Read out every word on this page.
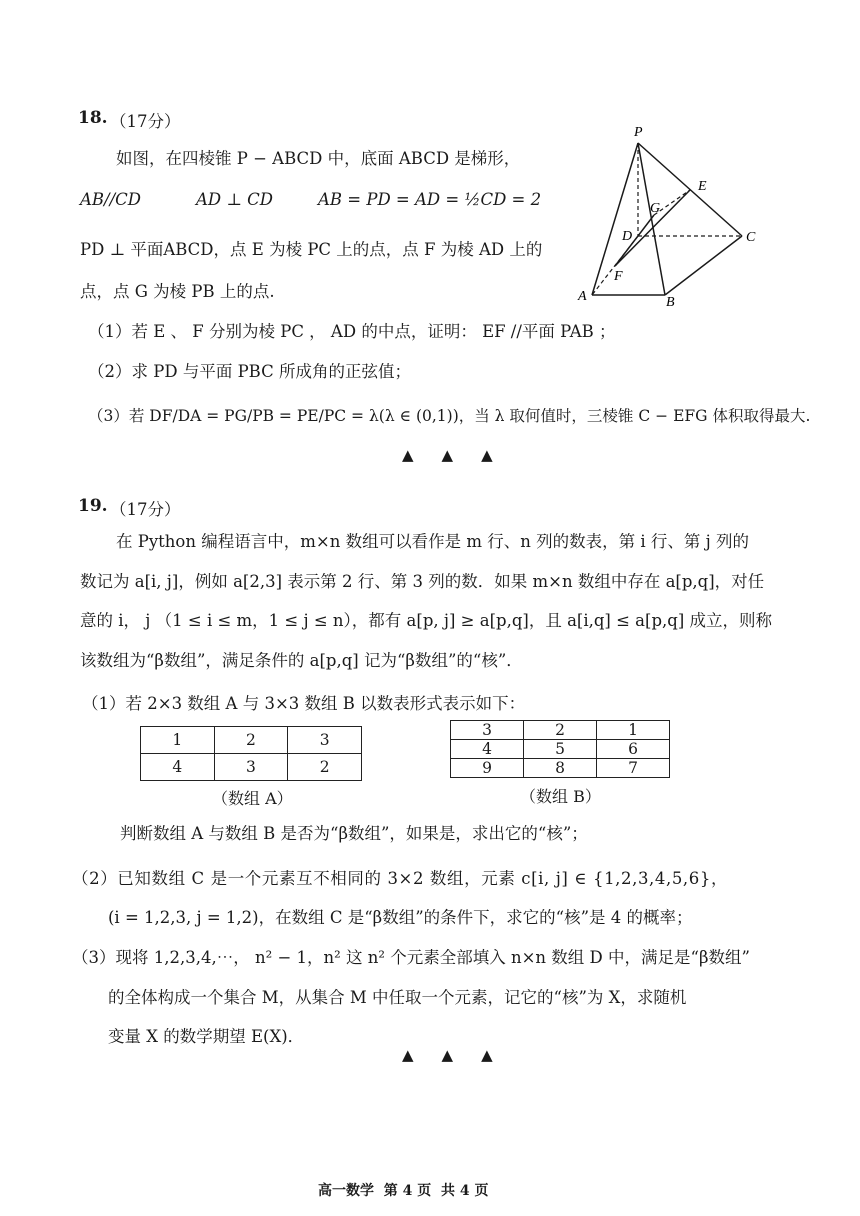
18. （17分）
如图，在四棱锥 P − ABCD 中，底面 ABCD 是梯形，
AB//CD	AD ⊥ CD	AB = PD = AD = ½CD = 2
PD ⊥ 平面ABCD，点 E 为棱 PC 上的点，点 F 为棱 AD 上的
点，点 G 为棱 PB 上的点.
P
E
G
D	C
F
A	B
（1）若 E 、 F 分别为棱 PC ， AD 的中点，证明： EF //平面 PAB ；
（2）求 PD 与平面 PBC 所成角的正弦值；
（3）若 DF/DA = PG/PB = PE/PC = λ(λ ∈ (0,1))，当 λ 取何值时，三棱锥 C − EFG 体积取得最大.
▲ ▲ ▲
19. （17分）
在 Python 编程语言中，m×n 数组可以看作是 m 行、n 列的数表，第 i 行、第 j 列的
数记为 a[i, j]，例如 a[2,3] 表示第 2 行、第 3 列的数．如果 m×n 数组中存在 a[p,q]，对任
意的 i， j （1 ≤ i ≤ m，1 ≤ j ≤ n），都有 a[p, j] ≥ a[p,q]，且 a[i,q] ≤ a[p,q] 成立，则称
该数组为“β数组”，满足条件的 a[p,q] 记为“β数组”的“核”．
（1）若 2×3 数组 A 与 3×3 数组 B 以数表形式表示如下：
1	2	3
4	3	2
（数组 A）
3	2	1
4	5	6
9	8	7
（数组 B）
判断数组 A 与数组 B 是否为“β数组”，如果是，求出它的“核”；
（2）已知数组 C 是一个元素互不相同的 3×2 数组，元素 c[i, j] ∈ {1,2,3,4,5,6}，
(i = 1,2,3, j = 1,2)，在数组 C 是“β数组”的条件下，求它的“核”是 4 的概率；
（3）现将 1,2,3,4,⋯， n² − 1，n² 这 n² 个元素全部填入 n×n 数组 D 中，满足是“β数组”
的全体构成一个集合 M，从集合 M 中任取一个元素，记它的“核”为 X，求随机
变量 X 的数学期望 E(X)．
▲ ▲ ▲
高一数学  第 4 页  共 4 页
